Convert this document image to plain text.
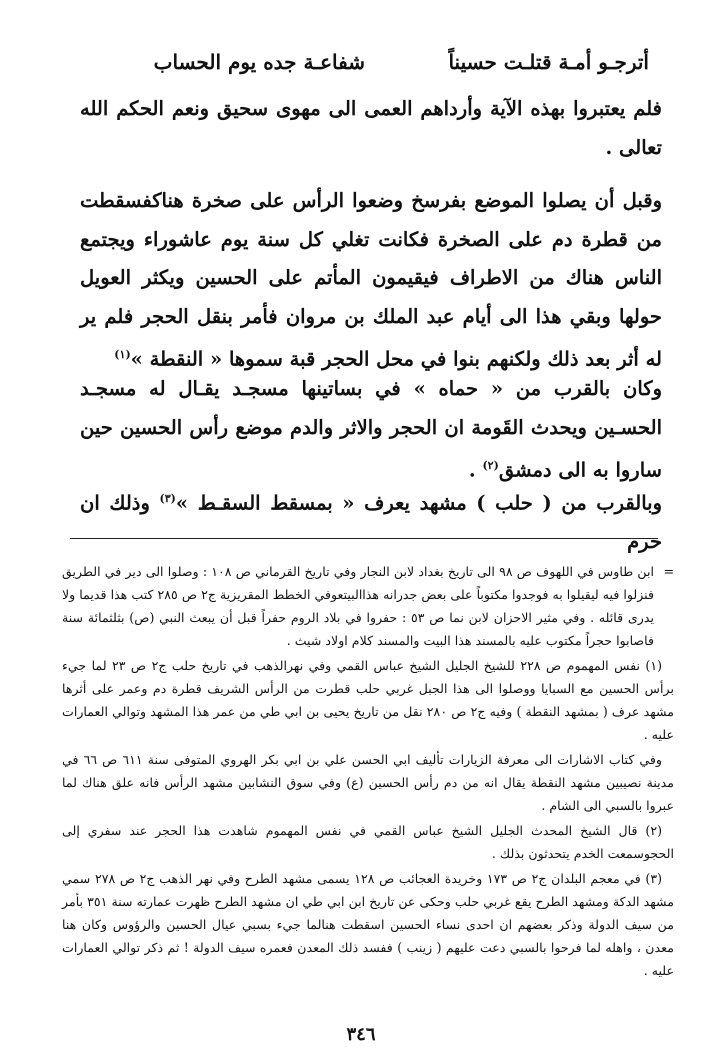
أترجـو أمـة قتلـت حسيناً
شفاعـة جده يوم الحساب

فلم يعتبروا بهذه الآية وأرداهم العمى الى مهوى سحيق ونعم الحكم الله تعالى .

وقبل أن يصلوا الموضع بفرسخ وضعوا الرأس على صخرة هناكفسقطت من قطرة دم على الصخرة فكانت تغلي كل سنة يوم عاشوراء ويجتمع الناس هناك من الاطراف فيقيمون المأتم على الحسين ويكثر العويل حولها وبقي هذا الى أيام عبد الملك بن مروان فأمر بنقل الحجر فلم ير له أثر بعد ذلك ولكنهم بنوا في محل الحجر قبة سموها « النقطة »$^{(١)}$

وكان بالقرب من « حماه » في بساتينها مسجـد يقـال له مسجـد الحسـين ويحدث القَومة ان الحجر والاثر والدم موضع رأس الحسين حين ساروا به الى دمشق$^{(٢)}$ .

وبالقرب من ( حلب ) مشهد يعرف « بمسقط السقـط »$^{(٣)}$ وذلك ان حرم

=
ابن طاوس في اللهوف ص ٩٨ الى تاريخ بغداد لابن النجار وفي تاريخ القرماني ص ١٠٨ : وصلوا الى دير في الطريق فنزلوا فيه ليقيلوا به فوجدوا مكتوباً على بعض جدرانه هذاالبيتعوفي الخطط المقريزية ج٢ ص ٢٨٥ كتب هذا قديما ولا يدرى قائله . وفي مثير الاحزان لابن نما ص ٥٣ : حفروا في بلاد الروم حفراً قبل أن يبعث النبي (ص) بثلثمائة سنة فاصابوا حجراً مكتوب عليه بالمسند هذا البيت والمسند كلام اولاد شيث .

(١) نفس المهموم ص ٢٢٨ للشيخ الجليل الشيخ عباس القمي وفي نهرالذهب في تاريخ حلب ج٢ ص ٢٣ لما جيء برأس الحسين مع السبايا ووصلوا الى هذا الجبل غربي حلب قطرت من الرأس الشريف قطرة دم وعمر على أثرها مشهد عرف ( بمشهد النقطة ) وفيه ج٢ ص ٢٨٠ نقل من تاريخ يحيى بن ابي طي من عمر هذا المشهد وتوالي العمارات عليه .

وفي كتاب الاشارات الى معرفة الزيارات تأليف ابي الحسن علي بن ابي بكر الهروي المتوفى سنة ٦١١ ص ٦٦ في مدينة نصيبين مشهد النقطة يقال انه من دم رأس الحسين (ع) وفي سوق النشابين مشهد الرأس فانه علق هناك لما عبروا بالسبي الى الشام .

(٢) قال الشيخ المحدث الجليل الشيخ عباس القمي في نفس المهموم شاهدت هذا الحجر عند سفري إلى الحجوسمعت الخدم يتحدثون بذلك .

(٣) في معجم البلدان ج٢ ص ١٧٣ وخريدة العجائب ص ١٢٨ يسمى مشهد الطرح وفي نهر الذهب ج٢ ص ٢٧٨ سمي مشهد الدكة ومشهد الطرح يقع غربي حلب وحكى عن تاريخ ابن ابي طي ان مشهد الطرح ظهرت عمارته سنة ٣٥١ بأمر من سيف الدولة وذكر بعضهم ان احدى نساء الحسين اسقطت هنالما جيء بسبي عيال الحسين والرؤوس وكان هنا معدن ، واهله لما فرحوا بالسبي دعت عليهم ( زينب ) ففسد ذلك المعدن فعمره سيف الدولة ! ثم ذكر توالي العمارات عليه .

٣٤٦
